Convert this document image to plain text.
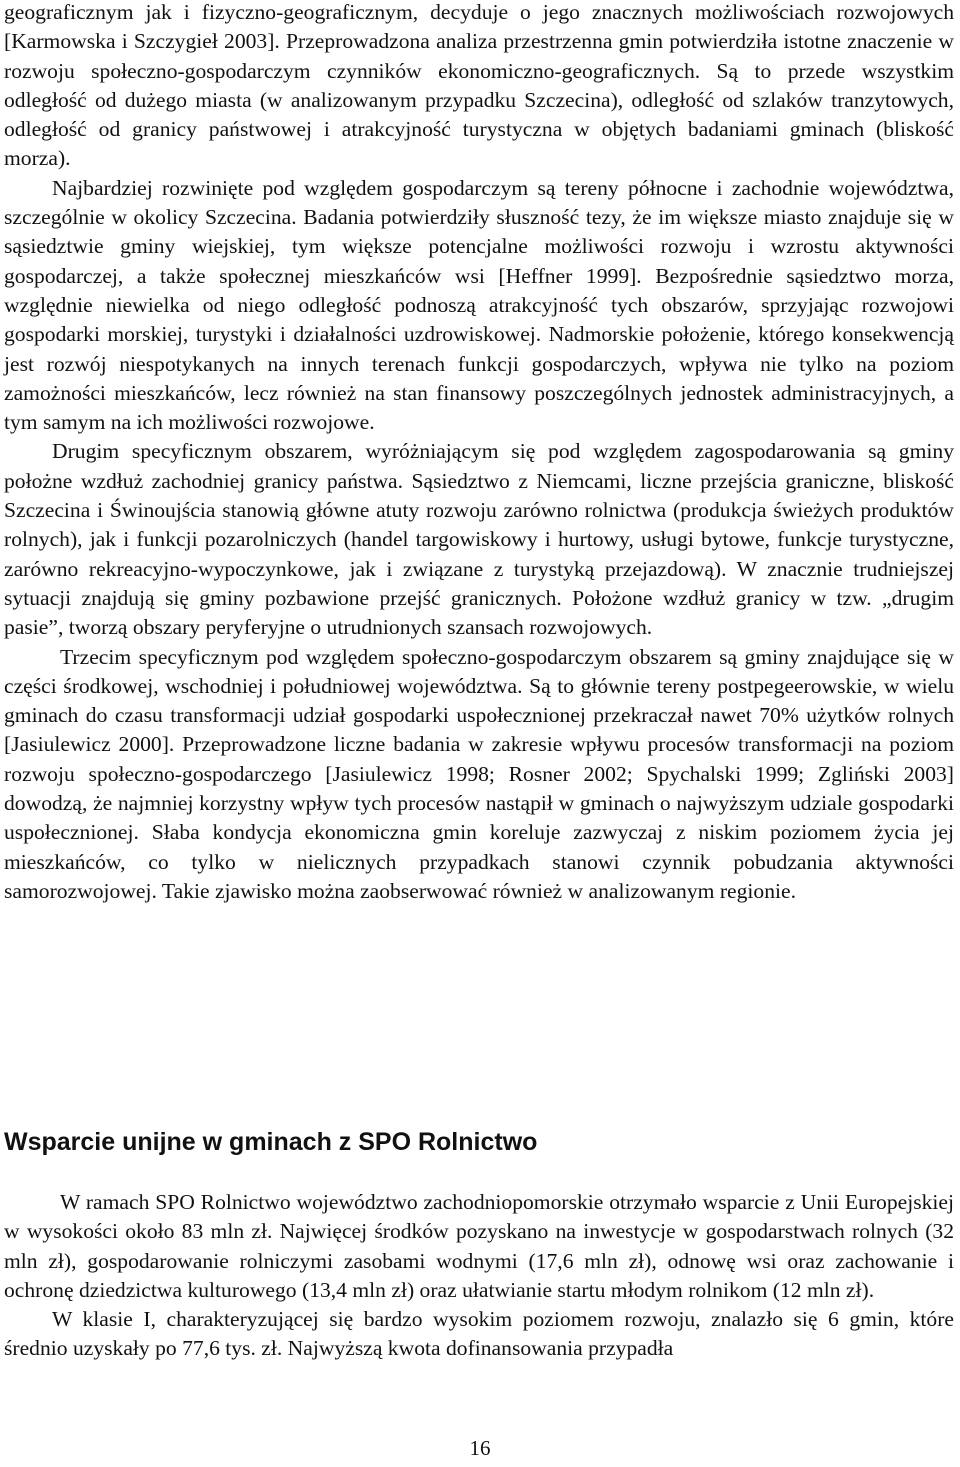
geograficznym jak i fizyczno-geograficznym, decyduje o jego znacznych możliwościach rozwojowych [Karmowska i Szczygieł 2003]. Przeprowadzona analiza przestrzenna gmin potwierdziła istotne znaczenie w rozwoju społeczno-gospodarczym czynników ekonomiczno-geograficznych. Są to przede wszystkim odległość od dużego miasta (w analizowanym przypadku Szczecina), odległość od szlaków tranzytowych, odległość od granicy państwowej i atrakcyjność turystyczna w objętych badaniami gminach (bliskość morza).

Najbardziej rozwinięte pod względem gospodarczym są tereny północne i zachodnie województwa, szczególnie w okolicy Szczecina. Badania potwierdziły słuszność tezy, że im większe miasto znajduje się w sąsiedztwie gminy wiejskiej, tym większe potencjalne możliwości rozwoju i wzrostu aktywności gospodarczej, a także społecznej mieszkańców wsi [Heffner 1999]. Bezpośrednie sąsiedztwo morza, względnie niewielka od niego odległość podnoszą atrakcyjność tych obszarów, sprzyjając rozwojowi gospodarki morskiej, turystyki i działalności uzdrowiskowej. Nadmorskie położenie, którego konsekwencją jest rozwój niespotykanych na innych terenach funkcji gospodarczych, wpływa nie tylko na poziom zamożności mieszkańców, lecz również na stan finansowy poszczególnych jednostek administracyjnych, a tym samym na ich możliwości rozwojowe.

Drugim specyficznym obszarem, wyróżniającym się pod względem zagospodarowania są gminy położne wzdłuż zachodniej granicy państwa. Sąsiedztwo z Niemcami, liczne przejścia graniczne, bliskość Szczecina i Świnoujścia stanowią główne atuty rozwoju zarówno rolnictwa (produkcja świeżych produktów rolnych), jak i funkcji pozarolniczych (handel targowiskowy i hurtowy, usługi bytowe, funkcje turystyczne, zarówno rekreacyjno-wypoczynkowe, jak i związane z turystyką przejazdową). W znacznie trudniejszej sytuacji znajdują się gminy pozbawione przejść granicznych. Położone wzdłuż granicy w tzw. „drugim pasie”, tworzą obszary peryferyjne o utrudnionych szansach rozwojowych.

Trzecim specyficznym pod względem społeczno-gospodarczym obszarem są gminy znajdujące się w części środkowej, wschodniej i południowej województwa. Są to głównie tereny postpegeerowskie, w wielu gminach do czasu transformacji udział gospodarki uspołecznionej przekraczał nawet 70% użytków rolnych [Jasiulewicz 2000]. Przeprowadzone liczne badania w zakresie wpływu procesów transformacji na poziom rozwoju społeczno-gospodarczego [Jasiulewicz 1998; Rosner 2002; Spychalski 1999; Zgliński 2003] dowodzą, że najmniej korzystny wpływ tych procesów nastąpił w gminach o najwyższym udziale gospodarki uspołecznionej. Słaba kondycja ekonomiczna gmin koreluje zazwyczaj z niskim poziomem życia jej mieszkańców, co tylko w nielicznych przypadkach stanowi czynnik pobudzania aktywności samorozwojowej. Takie zjawisko można zaobserwować również w analizowanym regionie.

Wsparcie unijne w gminach z SPO Rolnictwo

W ramach SPO Rolnictwo województwo zachodniopomorskie otrzymało wsparcie z Unii Europejskiej w wysokości około 83 mln zł. Najwięcej środków pozyskano na inwestycje w gospodarstwach rolnych (32 mln zł), gospodarowanie rolniczymi zasobami wodnymi (17,6 mln zł), odnowę wsi oraz zachowanie i ochronę dziedzictwa kulturowego (13,4 mln zł) oraz ułatwianie startu młodym rolnikom (12 mln zł).

W klasie I, charakteryzującej się bardzo wysokim poziomem rozwoju, znalazło się 6 gmin, które średnio uzyskały po 77,6 tys. zł. Najwyższą kwota dofinansowania przypadła

16
